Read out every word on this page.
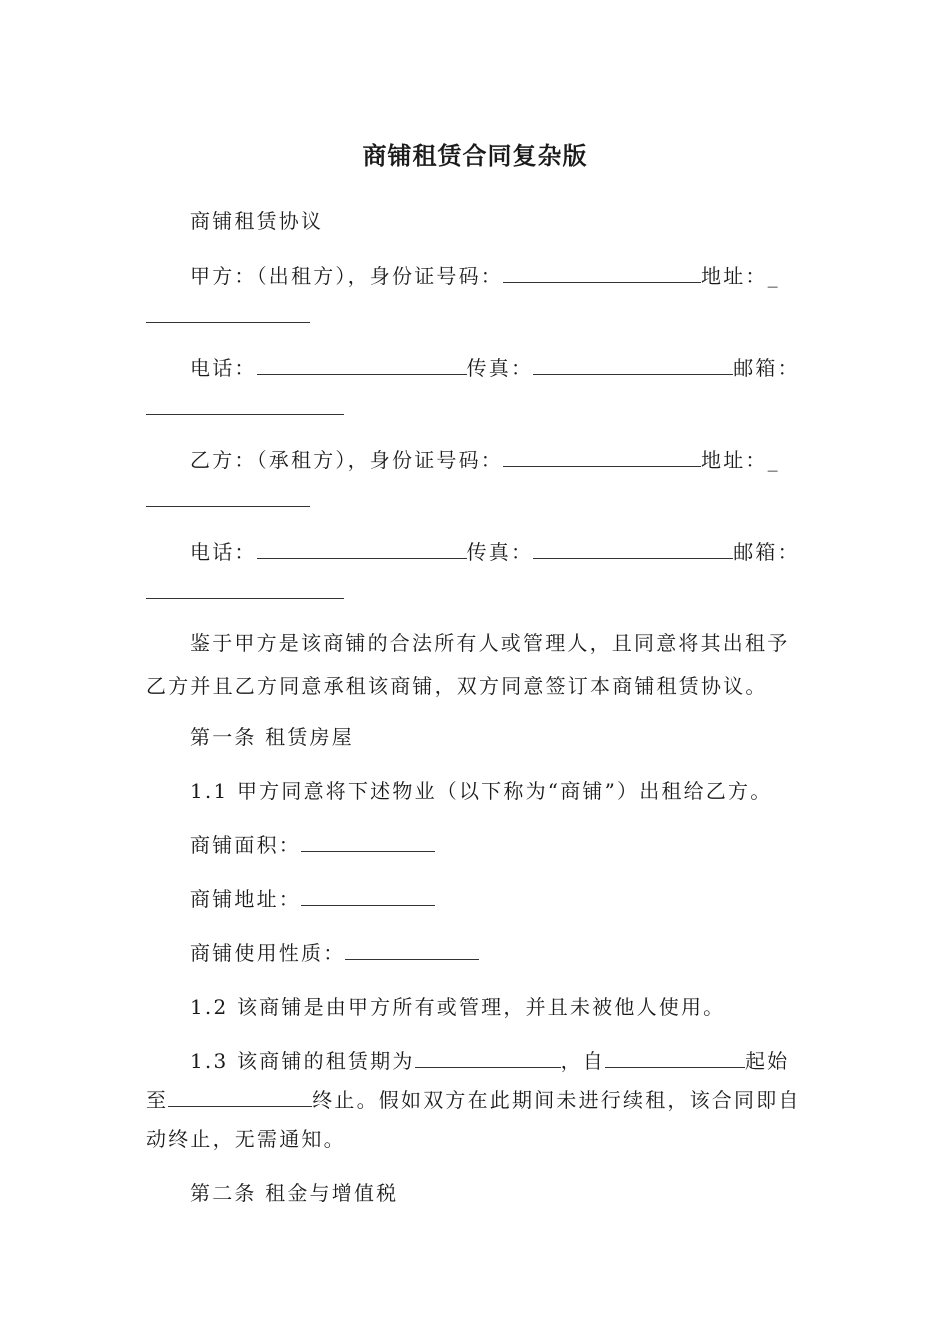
商铺租赁合同复杂版
商铺租赁协议
甲方：（出租方），身份证号码：	地址：_
电话：	传真：	邮箱：
乙方：（承租方），身份证号码：	地址：_
电话：	传真：	邮箱：
鉴于甲方是该商铺的合法所有人或管理人，且同意将其出租予
乙方并且乙方同意承租该商铺，双方同意签订本商铺租赁协议。
第一条 租赁房屋
1.1 甲方同意将下述物业（以下称为“商铺”）出租给乙方。
商铺面积：
商铺地址：
商铺使用性质：
1.2 该商铺是由甲方所有或管理，并且未被他人使用。
1.3 该商铺的租赁期为	，自	起始
至	终止。假如双方在此期间未进行续租，该合同即自
动终止，无需通知。
第二条 租金与增值税
